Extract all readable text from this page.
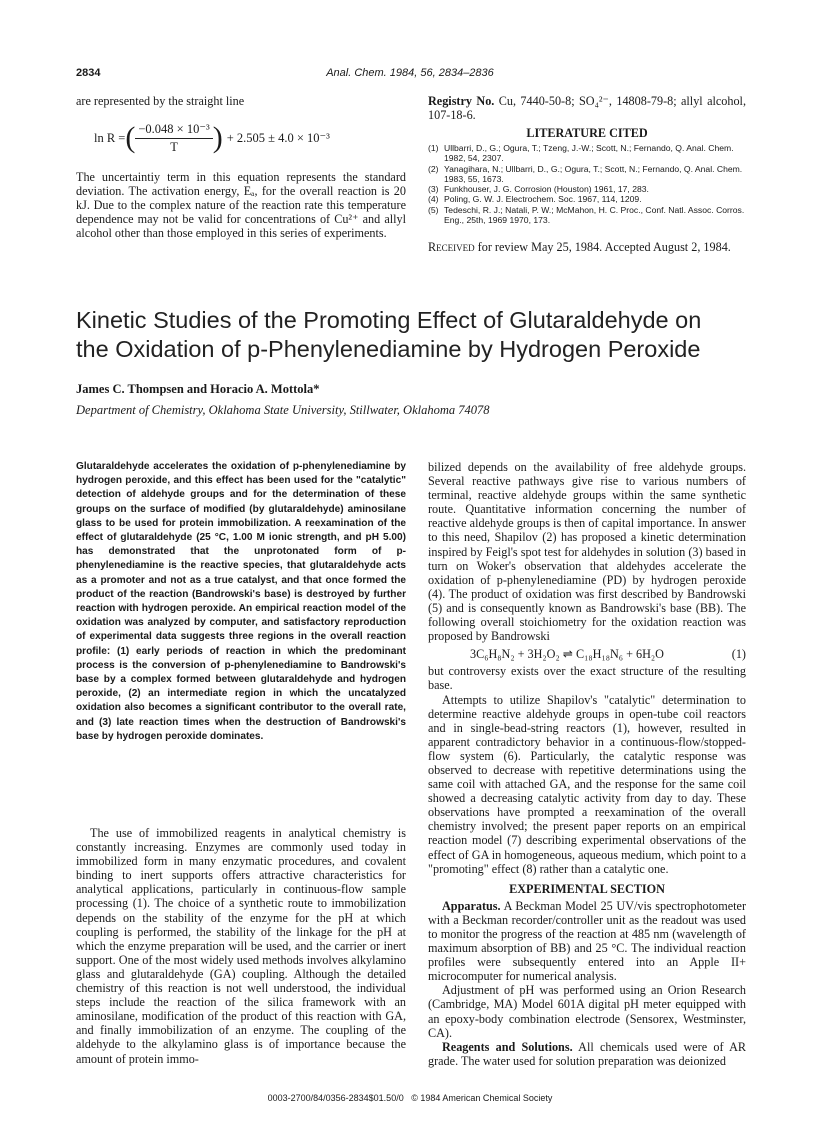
2834	Anal. Chem. 1984, 56, 2834–2836
are represented by the straight line
ln R = ( $\frac{\text{−0.048 × 10⁻³}}{T}$ ) + 2.505 ± 4.0 × 10⁻³
The uncertaintiy term in this equation represents the standard deviation. The activation energy, Eₐ, for the overall reaction is 20 kJ. Due to the complex nature of the reaction rate this temperature dependence may not be valid for concentrations of Cu²⁺ and allyl alcohol other than those employed in this series of experiments.
Registry No. Cu, 7440-50-8; SO₄²⁻, 14808-79-8; allyl alcohol, 107-18-6.
LITERATURE CITED
(1) Ullbarri, D., G.; Ogura, T.; Tzeng, J.-W.; Scott, N.; Fernando, Q. Anal. Chem. 1982, 54, 2307.
(2) Yanagihara, N.; Ullbarri, D., G.; Ogura, T.; Scott, N.; Fernando, Q. Anal. Chem. 1983, 55, 1673.
(3) Funkhouser, J. G. Corrosion (Houston) 1961, 17, 283.
(4) Poling, G. W. J. Electrochem. Soc. 1967, 114, 1209.
(5) Tedeschi, R. J.; Natali, P. W.; McMahon, H. C. Proc., Conf. Natl. Assoc. Corros. Eng., 25th, 1969 1970, 173.
Received for review May 25, 1984. Accepted August 2, 1984.
Kinetic Studies of the Promoting Effect of Glutaraldehyde on
the Oxidation of p-Phenylenediamine by Hydrogen Peroxide
James C. Thompsen and Horacio A. Mottola*
Department of Chemistry, Oklahoma State University, Stillwater, Oklahoma 74078
Glutaraldehyde accelerates the oxidation of p-phenylenediamine by hydrogen peroxide, and this effect has been used for the "catalytic" detection of aldehyde groups and for the determination of these groups on the surface of modified (by glutaraldehyde) aminosilane glass to be used for protein immobilization. A reexamination of the effect of glutaraldehyde (25 °C, 1.00 M ionic strength, and pH 5.00) has demonstrated that the unprotonated form of p-phenylenediamine is the reactive species, that glutaraldehyde acts as a promoter and not as a true catalyst, and that once formed the product of the reaction (Bandrowski's base) is destroyed by further reaction with hydrogen peroxide. An empirical reaction model of the oxidation was analyzed by computer, and satisfactory reproduction of experimental data suggests three regions in the overall reaction profile: (1) early periods of reaction in which the predominant process is the conversion of p-phenylenediamine to Bandrowski's base by a complex formed between glutaraldehyde and hydrogen peroxide, (2) an intermediate region in which the uncatalyzed oxidation also becomes a significant contributor to the overall rate, and (3) late reaction times when the destruction of Bandrowski's base by hydrogen peroxide dominates.
The use of immobilized reagents in analytical chemistry is constantly increasing. Enzymes are commonly used today in immobilized form in many enzymatic procedures, and covalent binding to inert supports offers attractive characteristics for analytical applications, particularly in continuous-flow sample processing (1). The choice of a synthetic route to immobilization depends on the stability of the enzyme for the pH at which coupling is performed, the stability of the linkage for the pH at which the enzyme preparation will be used, and the carrier or inert support. One of the most widely used methods involves alkylamino glass and glutaraldehyde (GA) coupling. Although the detailed chemistry of this reaction is not well understood, the individual steps include the reaction of the silica framework with an aminosilane, modification of the product of this reaction with GA, and finally immobilization of an enzyme. The coupling of the aldehyde to the alkylamino glass is of importance because the amount of protein immo-

bilized depends on the availability of free aldehyde groups. Several reactive pathways give rise to various numbers of terminal, reactive aldehyde groups within the same synthetic route. Quantitative information concerning the number of reactive aldehyde groups is then of capital importance. In answer to this need, Shapilov (2) has proposed a kinetic determination inspired by Feigl's spot test for aldehydes in solution (3) based in turn on Woker's observation that aldehydes accelerate the oxidation of p-phenylenediamine (PD) by hydrogen peroxide (4). The product of oxidation was first described by Bandrowski (5) and is consequently known as Bandrowski's base (BB). The following overall stoichiometry for the oxidation reaction was proposed by Bandrowski

3C₆H₈N₂ + 3H₂O₂ ⇌ C₁₈H₁₈N₆ + 6H₂O	(1)

but controversy exists over the exact structure of the resulting base.

Attempts to utilize Shapilov's "catalytic" determination to determine reactive aldehyde groups in open-tube coil reactors and in single-bead-string reactors (1), however, resulted in apparent contradictory behavior in a continuous-flow/stopped-flow system (6). Particularly, the catalytic response was observed to decrease with repetitive determinations using the same coil with attached GA, and the response for the same coil showed a decreasing catalytic activity from day to day. These observations have prompted a reexamination of the overall chemistry involved; the present paper reports on an empirical reaction model (7) describing experimental observations of the effect of GA in homogeneous, aqueous medium, which point to a "promoting" effect (8) rather than a catalytic one.

EXPERIMENTAL SECTION

Apparatus. A Beckman Model 25 UV/vis spectrophotometer with a Beckman recorder/controller unit as the readout was used to monitor the progress of the reaction at 485 nm (wavelength of maximum absorption of BB) and 25 °C. The individual reaction profiles were subsequently entered into an Apple II+ microcomputer for numerical analysis.

Adjustment of pH was performed using an Orion Research (Cambridge, MA) Model 601A digital pH meter equipped with an epoxy-body combination electrode (Sensorex, Westminster, CA).

Reagents and Solutions. All chemicals used were of AR grade. The water used for solution preparation was deionized

0003-2700/84/0356-2834$01.50/0   © 1984 American Chemical Society
